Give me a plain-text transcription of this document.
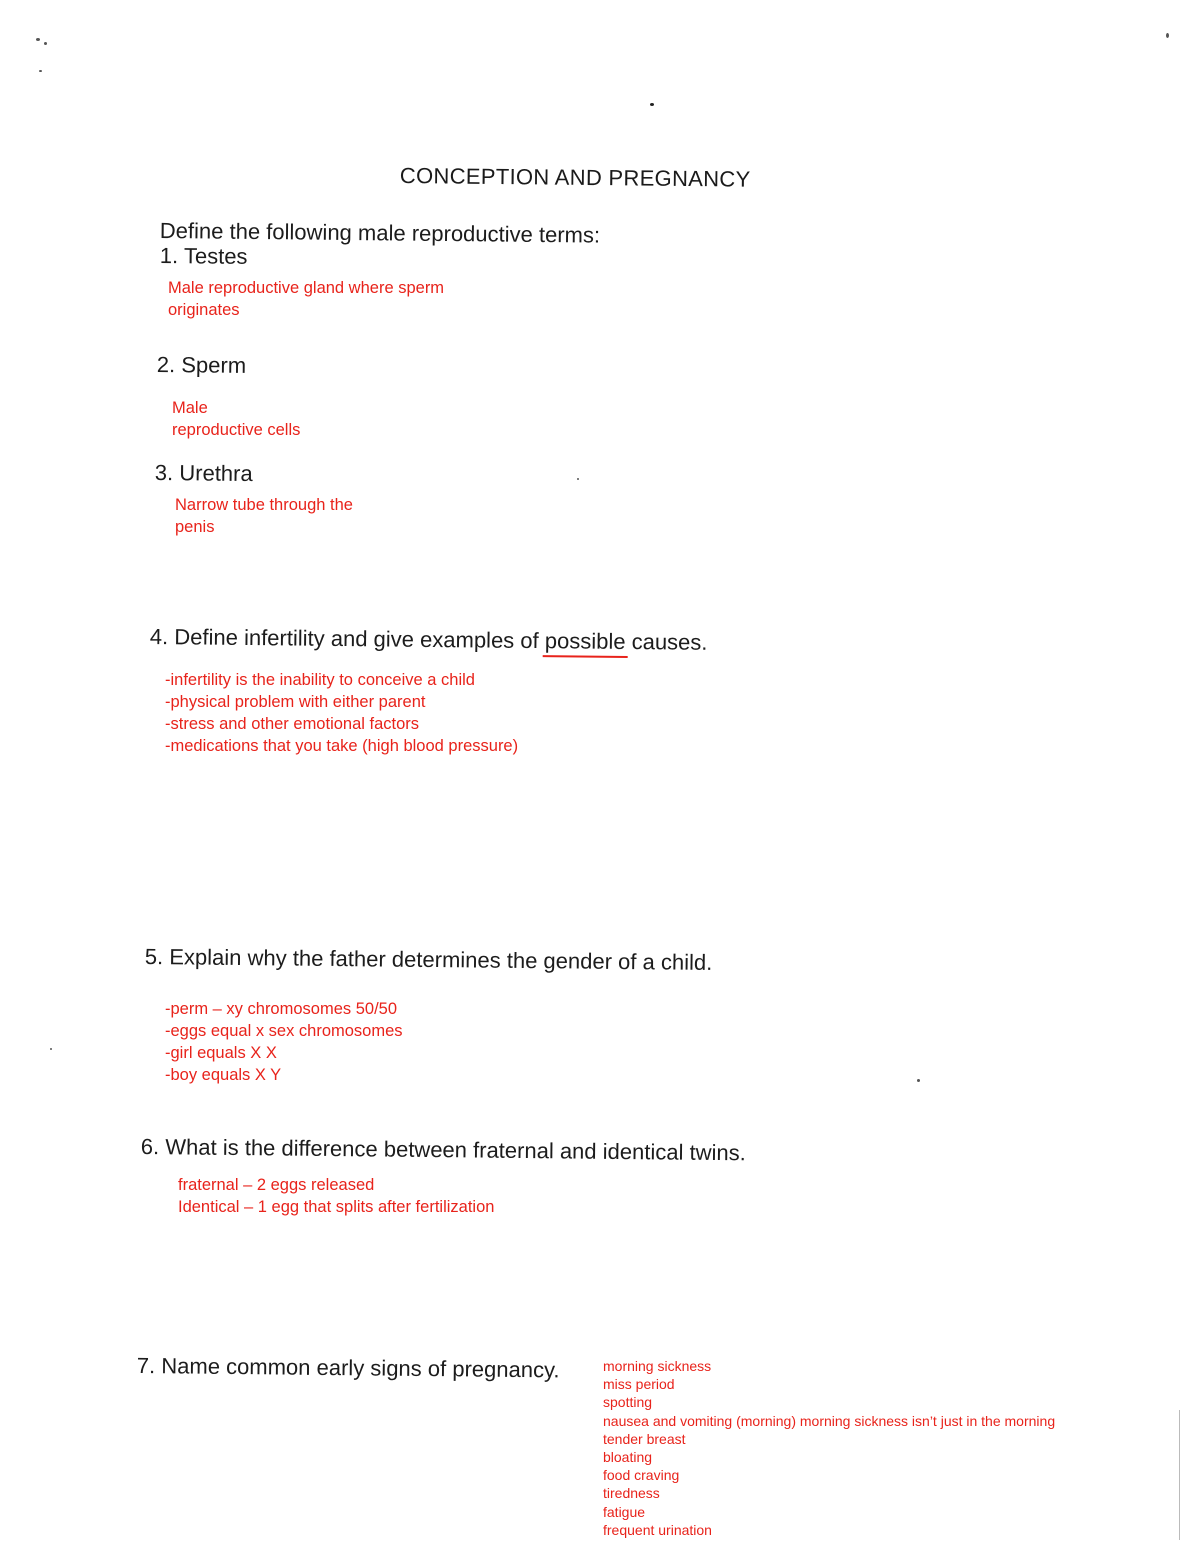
CONCEPTION AND PREGNANCY
Define the following male reproductive terms:
1. Testes
Male reproductive gland where sperm
originates
2. Sperm
Male
reproductive cells
3. Urethra
Narrow tube through the
penis
4. Define infertility and give examples of possible causes.
-infertility is the inability to conceive a child
-physical problem with either parent
-stress and other emotional factors
-medications that you take (high blood pressure)
5. Explain why the father determines the gender of a child.
-perm – xy chromosomes 50/50
-eggs equal x sex chromosomes
-girl equals X X
-boy equals X Y
6. What is the difference between fraternal and identical twins.
fraternal – 2 eggs released
Identical – 1 egg that splits after fertilization
7. Name common early signs of pregnancy.	morning sickness
miss period
spotting
nausea and vomiting (morning) morning sickness isn’t just in the morning
tender breast
bloating
food craving
tiredness
fatigue
frequent urination
